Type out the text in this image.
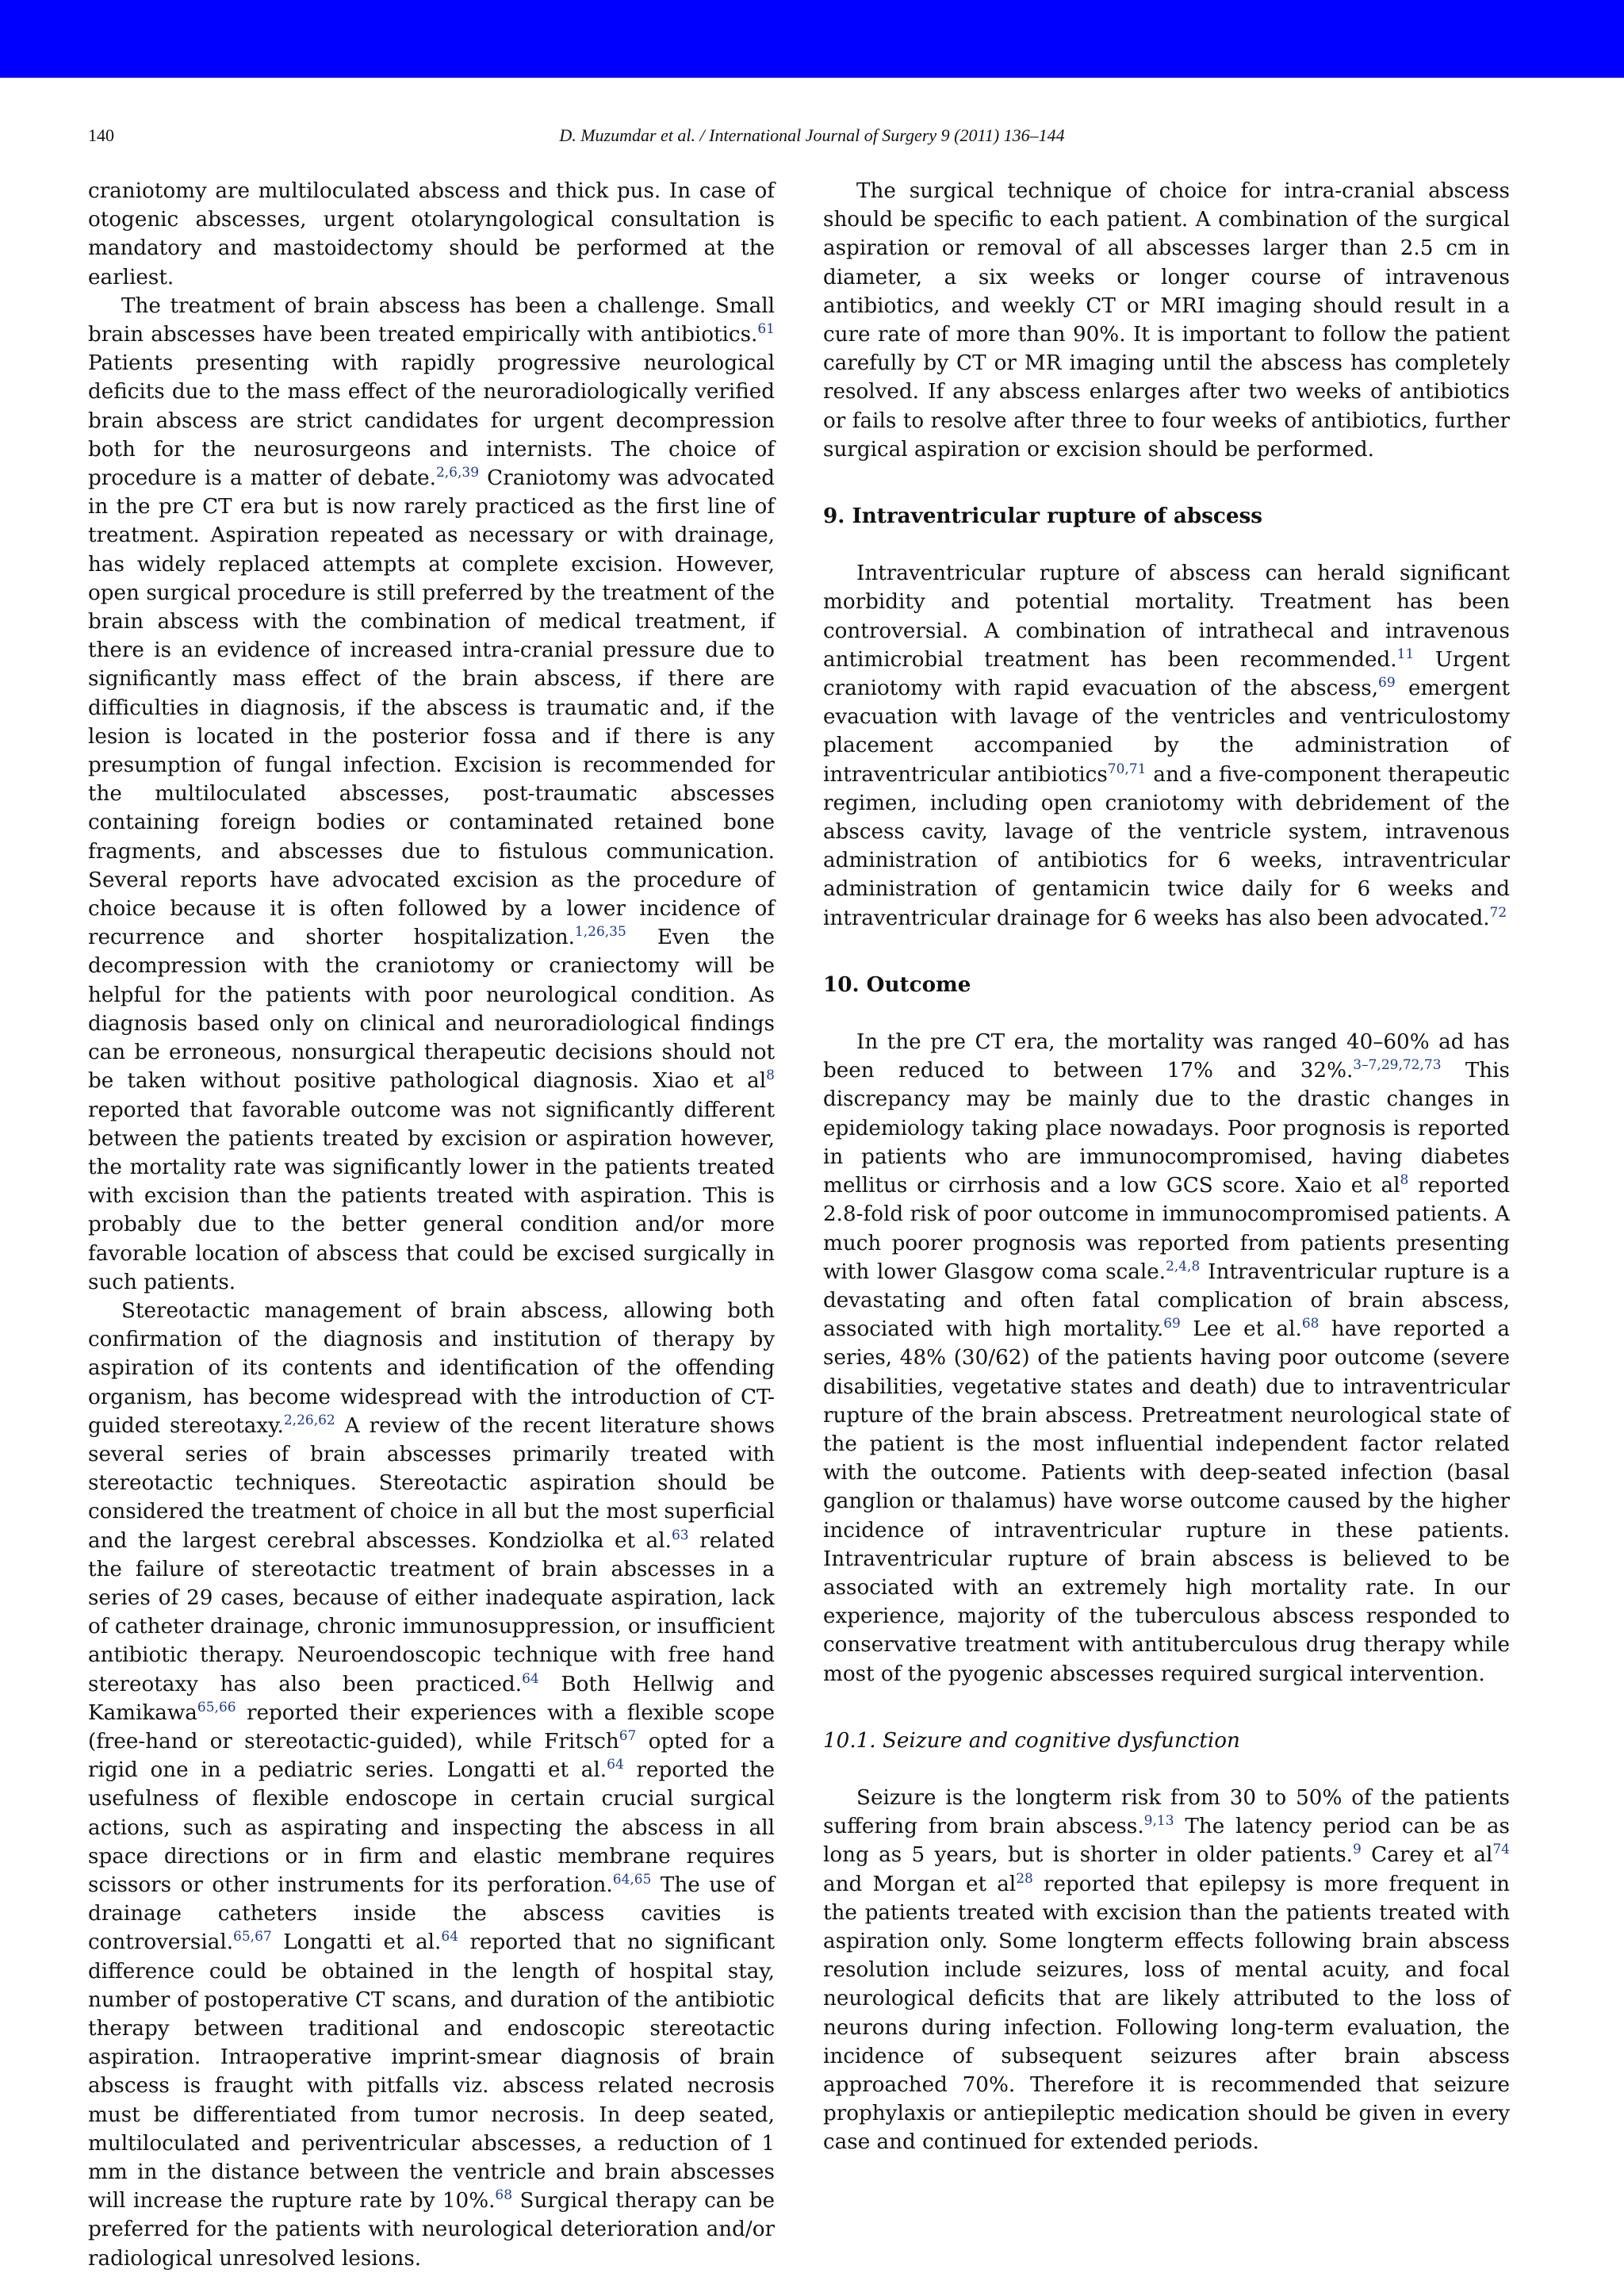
140	D. Muzumdar et al. / International Journal of Surgery 9 (2011) 136–144

craniotomy are multiloculated abscess and thick pus. In case of otogenic abscesses, urgent otolaryngological consultation is mandatory and mastoidectomy should be performed at the earliest.

The treatment of brain abscess has been a challenge. Small brain abscesses have been treated empirically with antibiotics.$^{61}$ Patients presenting with rapidly progressive neurological deficits due to the mass effect of the neuroradiologically verified brain abscess are strict candidates for urgent decompression both for the neurosurgeons and internists. The choice of procedure is a matter of debate.$^{2,6,39}$ Craniotomy was advocated in the pre CT era but is now rarely practiced as the first line of treatment. Aspiration repeated as necessary or with drainage, has widely replaced attempts at complete excision. However, open surgical procedure is still preferred by the treatment of the brain abscess with the combination of medical treatment, if there is an evidence of increased intra-cranial pressure due to significantly mass effect of the brain abscess, if there are difficulties in diagnosis, if the abscess is traumatic and, if the lesion is located in the posterior fossa and if there is any presumption of fungal infection. Excision is recommended for the multiloculated abscesses, post-traumatic abscesses containing foreign bodies or contaminated retained bone fragments, and abscesses due to fistulous communication. Several reports have advocated excision as the procedure of choice because it is often followed by a lower incidence of recurrence and shorter hospitalization.$^{1,26,35}$ Even the decompression with the craniotomy or craniectomy will be helpful for the patients with poor neurological condition. As diagnosis based only on clinical and neuroradiological findings can be erroneous, nonsurgical therapeutic decisions should not be taken without positive pathological diagnosis. Xiao et $al^8$ reported that favorable outcome was not significantly different between the patients treated by excision or aspiration however, the mortality rate was significantly lower in the patients treated with excision than the patients treated with aspiration. This is probably due to the better general condition and/or more favorable location of abscess that could be excised surgically in such patients.

Stereotactic management of brain abscess, allowing both confirmation of the diagnosis and institution of therapy by aspiration of its contents and identification of the offending organism, has become widespread with the introduction of CT-guided stereotaxy.$^{2,26,62}$ A review of the recent literature shows several series of brain abscesses primarily treated with stereotactic techniques. Stereotactic aspiration should be considered the treatment of choice in all but the most superficial and the largest cerebral abscesses. Kondziolka et al.$^{63}$ related the failure of stereotactic treatment of brain abscesses in a series of 29 cases, because of either inadequate aspiration, lack of catheter drainage, chronic immunosuppression, or insufficient antibiotic therapy. Neuroendoscopic technique with free hand stereotaxy has also been practiced.$^{64}$ Both Hellwig and Kamikawa$^{65,66}$ reported their experiences with a flexible scope (free-hand or stereotactic-guided), while Fritsch$^{67}$ opted for a rigid one in a pediatric series. Longatti et al.$^{64}$ reported the usefulness of flexible endoscope in certain crucial surgical actions, such as aspirating and inspecting the abscess in all space directions or in firm and elastic membrane requires scissors or other instruments for its perforation.$^{64,65}$ The use of drainage catheters inside the abscess cavities is controversial.$^{65,67}$ Longatti et al.$^{64}$ reported that no significant difference could be obtained in the length of hospital stay, number of postoperative CT scans, and duration of the antibiotic therapy between traditional and endoscopic stereotactic aspiration. Intraoperative imprint-smear diagnosis of brain abscess is fraught with pitfalls viz. abscess related necrosis must be differentiated from tumor necrosis. In deep seated, multiloculated and periventricular abscesses, a reduction of 1 mm in the distance between the ventricle and brain abscesses will increase the rupture rate by 10%.$^{68}$ Surgical therapy can be preferred for the patients with neurological deterioration and/or radiological unresolved lesions.

The surgical technique of choice for intra-cranial abscess should be specific to each patient. A combination of the surgical aspiration or removal of all abscesses larger than 2.5 cm in diameter, a six weeks or longer course of intravenous antibiotics, and weekly CT or MRI imaging should result in a cure rate of more than 90%. It is important to follow the patient carefully by CT or MR imaging until the abscess has completely resolved. If any abscess enlarges after two weeks of antibiotics or fails to resolve after three to four weeks of antibiotics, further surgical aspiration or excision should be performed.

9. Intraventricular rupture of abscess

Intraventricular rupture of abscess can herald significant morbidity and potential mortality. Treatment has been controversial. A combination of intrathecal and intravenous antimicrobial treatment has been recommended.$^{11}$ Urgent craniotomy with rapid evacuation of the abscess,$^{69}$ emergent evacuation with lavage of the ventricles and ventriculostomy placement accompanied by the administration of intraventricular antibiotics$^{70,71}$ and a five-component therapeutic regimen, including open craniotomy with debridement of the abscess cavity, lavage of the ventricle system, intravenous administration of antibiotics for 6 weeks, intraventricular administration of gentamicin twice daily for 6 weeks and intraventricular drainage for 6 weeks has also been advocated.$^{72}$

10. Outcome

In the pre CT era, the mortality was ranged 40–60% ad has been reduced to between 17% and 32%.$^{3-7,29,72,73}$ This discrepancy may be mainly due to the drastic changes in epidemiology taking place nowadays. Poor prognosis is reported in patients who are immunocompromised, having diabetes mellitus or cirrhosis and a low GCS score. Xaio et $al^8$ reported 2.8-fold risk of poor outcome in immunocompromised patients. A much poorer prognosis was reported from patients presenting with lower Glasgow coma scale.$^{2,4,8}$ Intraventricular rupture is a devastating and often fatal complication of brain abscess, associated with high mortality.$^{69}$ Lee et al.$^{68}$ have reported a series, 48% (30/62) of the patients having poor outcome (severe disabilities, vegetative states and death) due to intraventricular rupture of the brain abscess. Pretreatment neurological state of the patient is the most influential independent factor related with the outcome. Patients with deep-seated infection (basal ganglion or thalamus) have worse outcome caused by the higher incidence of intraventricular rupture in these patients. Intraventricular rupture of brain abscess is believed to be associated with an extremely high mortality rate. In our experience, majority of the tuberculous abscess responded to conservative treatment with antituberculous drug therapy while most of the pyogenic abscesses required surgical intervention.

10.1. Seizure and cognitive dysfunction

Seizure is the longterm risk from 30 to 50% of the patients suffering from brain abscess.$^{9,13}$ The latency period can be as long as 5 years, but is shorter in older patients.$^9$ Carey et $al^{74}$ and Morgan et $al^{28}$ reported that epilepsy is more frequent in the patients treated with excision than the patients treated with aspiration only. Some longterm effects following brain abscess resolution include seizures, loss of mental acuity, and focal neurological deficits that are likely attributed to the loss of neurons during infection. Following long-term evaluation, the incidence of subsequent seizures after brain abscess approached 70%. Therefore it is recommended that seizure prophylaxis or antiepileptic medication should be given in every case and continued for extended periods.
